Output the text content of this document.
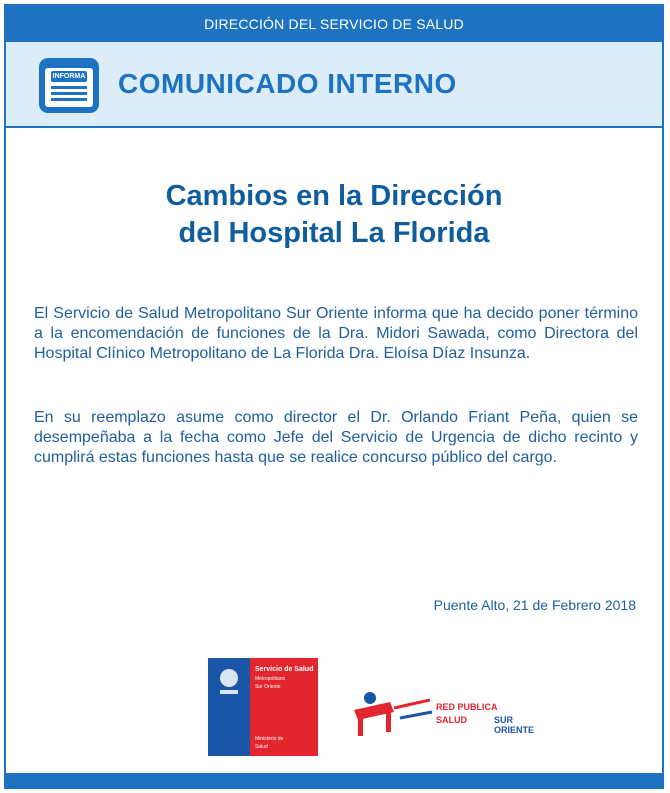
DIRECCIÓN DEL SERVICIO DE SALUD
INFORMA COMUNICADO INTERNO
Cambios en la Dirección
del Hospital La Florida
El Servicio de Salud Metropolitano Sur Oriente informa que ha decido poner término a la encomendación de funciones de la Dra. Midori Sawada, como Directora del Hospital Clínico Metropolitano de La Florida Dra. Eloísa Díaz Insunza.
En su reemplazo asume como director el Dr. Orlando Friant Peña, quien se desempeñaba a la fecha como Jefe del Servicio de Urgencia de dicho recinto y cumplirá estas funciones hasta que se realice concurso público del cargo.
Puente Alto, 21 de Febrero 2018
Servicio de Salud
Metropolitano
Sur Oriente
Ministerio de
Salud
RED PUBLICA
SALUD	SUR ORIENTE
